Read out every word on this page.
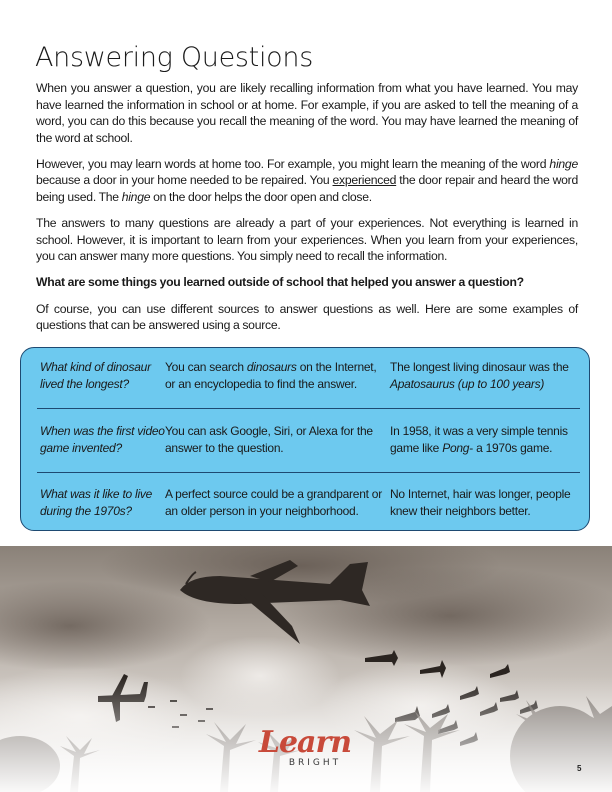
Answering Questions

When you answer a question, you are likely recalling information from what you have learned. You may have learned the information in school or at home. For example, if you are asked to tell the meaning of a word, you can do this because you recall the meaning of the word. You may have learned the meaning of the word at school.

However, you may learn words at home too. For example, you might learn the meaning of the word hinge because a door in your home needed to be repaired. You experienced the door repair and heard the word being used. The hinge on the door helps the door open and close.

The answers to many questions are already a part of your experiences. Not everything is learned in school. However, it is important to learn from your experiences. When you learn from your experiences, you can answer many more questions. You simply need to recall the information.

What are some things you learned outside of school that helped you answer a question?

Of course, you can use different sources to answer questions as well. Here are some examples of questions that can be answered using a source.

What kind of dinosaur lived the longest?
You can search dinosaurs on the Internet, or an encyclopedia to find the answer.
The longest living dinosaur was the Apatosaurus (up to 100 years)
When was the first video game invented?
You can ask Google, Siri, or Alexa for the answer to the question.
In 1958, it was a very simple tennis game like Pong- a 1970s game.
What was it like to live during the 1970s?
A perfect source could be a grandparent or an older person in your neighborhood.
No Internet, hair was longer, people knew their neighbors better.
Learn
BRIGHT
5
